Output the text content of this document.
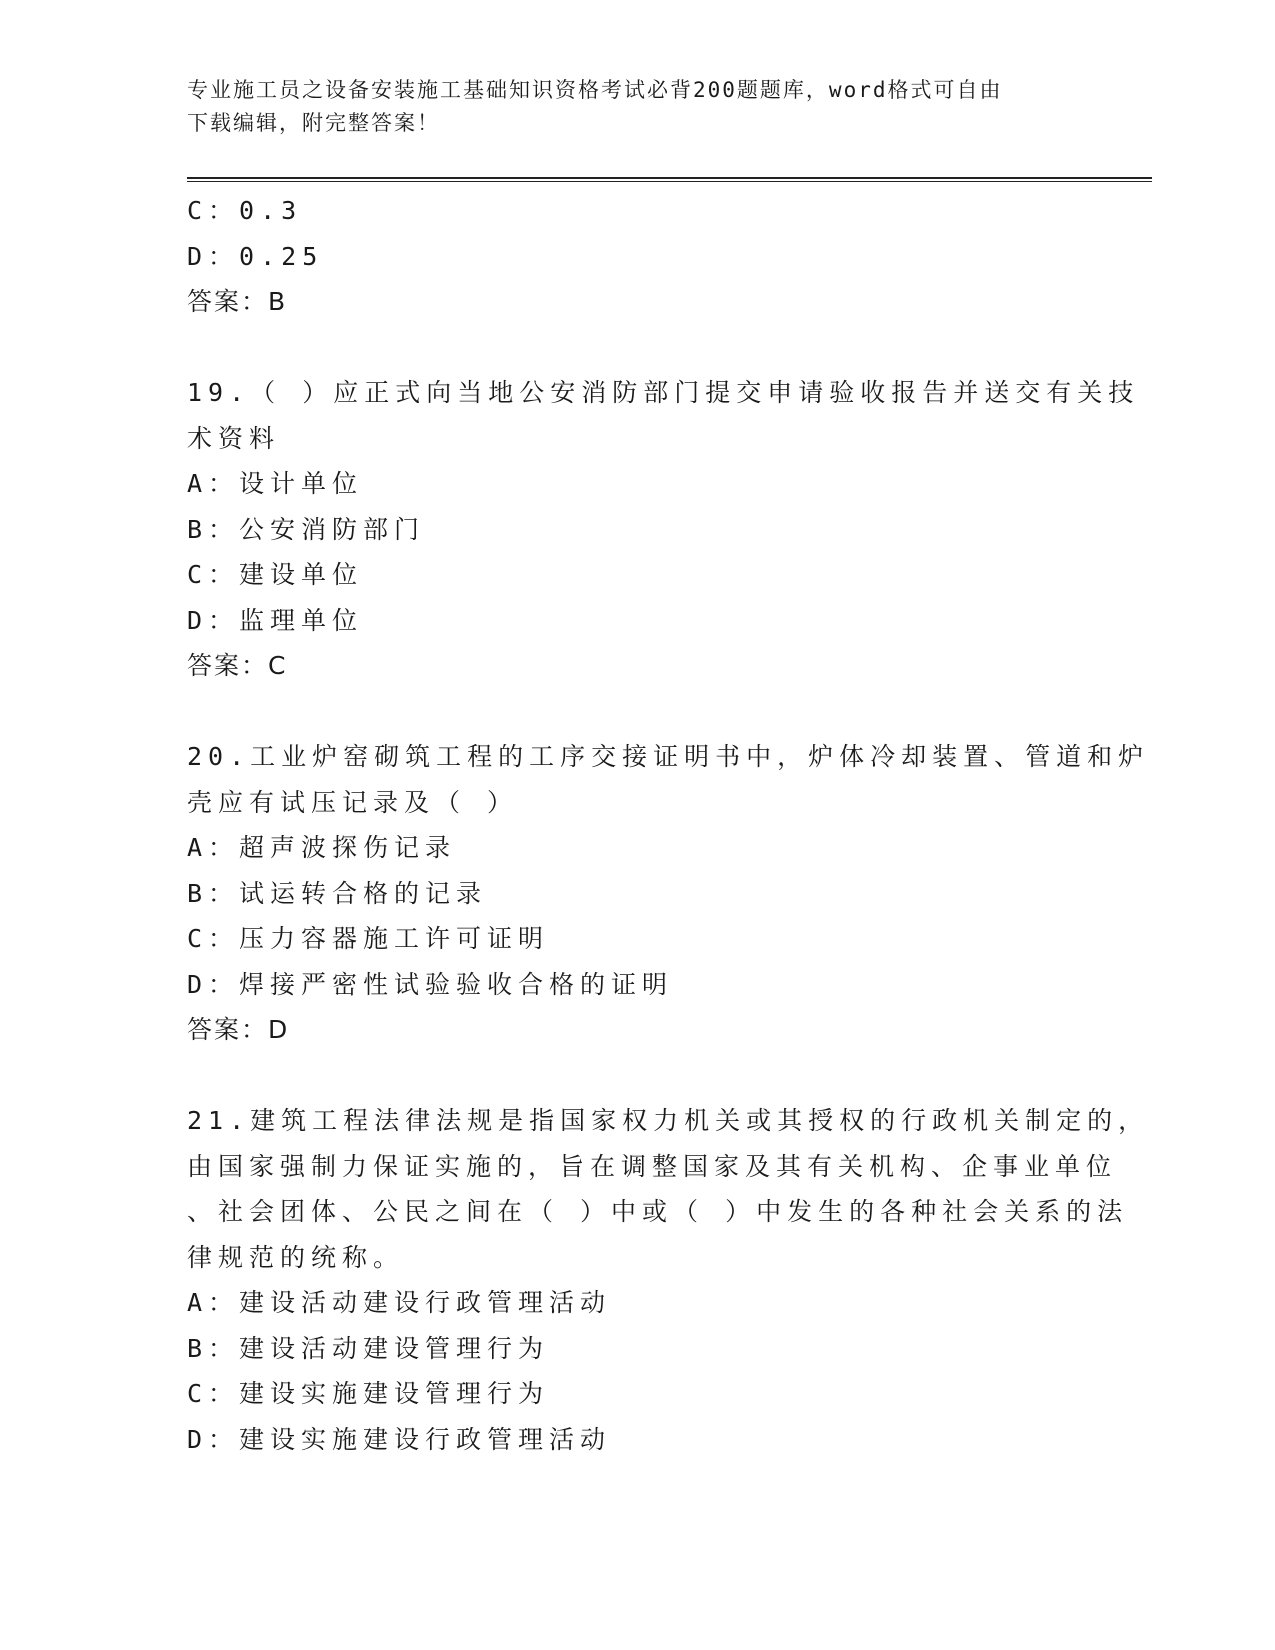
专业施工员之设备安装施工基础知识资格考试必背200题题库，word格式可自由
下载编辑，附完整答案！
C：0.3
D：0.25
答案：B
19.（ ）应正式向当地公安消防部门提交申请验收报告并送交有关技
术资料
A：设计单位
B：公安消防部门
C：建设单位
D：监理单位
答案：C
20.工业炉窑砌筑工程的工序交接证明书中，炉体冷却装置、管道和炉
壳应有试压记录及（ ）
A：超声波探伤记录
B：试运转合格的记录
C：压力容器施工许可证明
D：焊接严密性试验验收合格的证明
答案：D
21.建筑工程法律法规是指国家权力机关或其授权的行政机关制定的，
由国家强制力保证实施的，旨在调整国家及其有关机构、企事业单位
、社会团体、公民之间在（ ）中或（ ）中发生的各种社会关系的法
律规范的统称。
A：建设活动建设行政管理活动
B：建设活动建设管理行为
C：建设实施建设管理行为
D：建设实施建设行政管理活动
